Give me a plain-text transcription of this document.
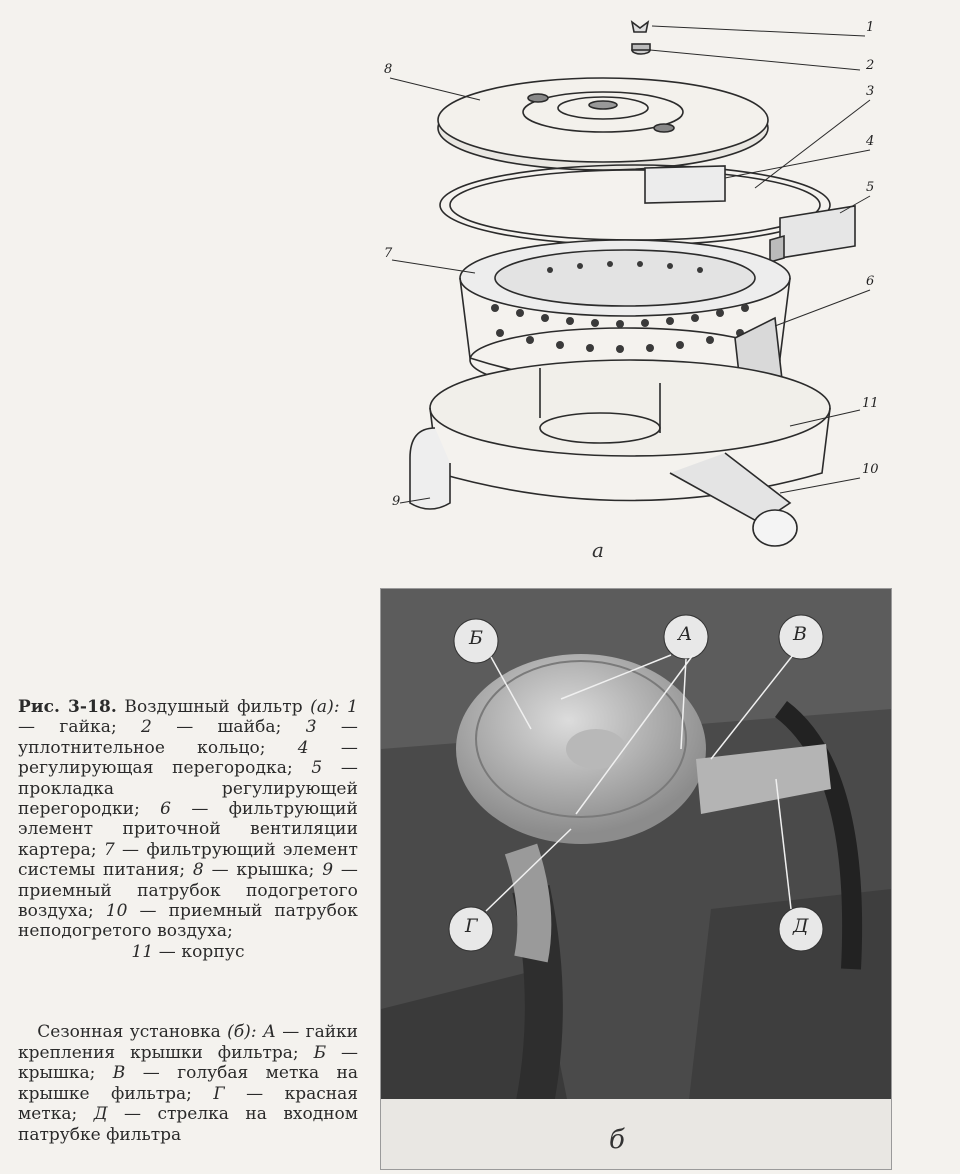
1
2
3
4
5
6
7
8
9
10
11
а
Б	А	В
Г	Д
б
Рис. 3-18. Воздушный фильтр (а): 1 — гайка; 2 — шайба; 3 — уплотнительное кольцо; 4 — регулирующая перегородка; 5 — прокладка регулирующей перегородки; 6 — фильтрующий элемент приточной вентиляции картера; 7 — фильтрующий элемент системы питания; 8 — крышка; 9 — приемный патрубок подогретого воздуха; 10 — приемный патрубок неподогретого воздуха;
11 — корпус
Сезонная установка (б): А — гайки крепления крышки фильтра; Б — крышка; В — голубая метка на крышке фильтра; Г — красная метка; Д — стрелка на входном патрубке фильтра
